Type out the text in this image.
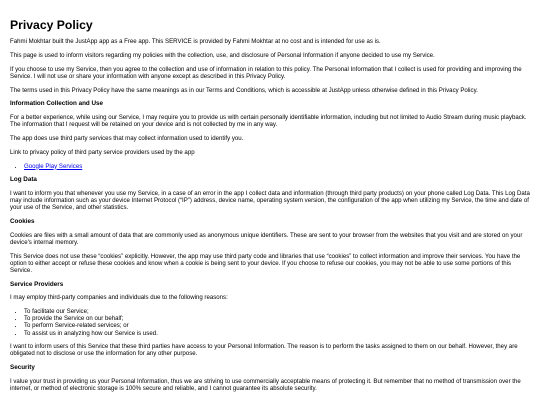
Privacy Policy

Fahmi Mokhtar built the JustApp app as a Free app. This SERVICE is provided by Fahmi Mokhtar at no cost and is intended for use as is.

This page is used to inform visitors regarding my policies with the collection, use, and disclosure of Personal Information if anyone decided to use my Service.

If you choose to use my Service, then you agree to the collection and use of information in relation to this policy. The Personal Information that I collect is used for providing and improving the Service. I will not use or share your information with anyone except as described in this Privacy Policy.

The terms used in this Privacy Policy have the same meanings as in our Terms and Conditions, which is accessible at JustApp unless otherwise defined in this Privacy Policy.

Information Collection and Use

For a better experience, while using our Service, I may require you to provide us with certain personally identifiable information, including but not limited to Audio Stream during music playback. The information that I request will be retained on your device and is not collected by me in any way.

The app does use third party services that may collect information used to identify you.

Link to privacy policy of third party service providers used by the app

• Google Play Services
Log Data

I want to inform you that whenever you use my Service, in a case of an error in the app I collect data and information (through third party products) on your phone called Log Data. This Log Data may include information such as your device Internet Protocol (“IP”) address, device name, operating system version, the configuration of the app when utilizing my Service, the time and date of your use of the Service, and other statistics.

Cookies

Cookies are files with a small amount of data that are commonly used as anonymous unique identifiers. These are sent to your browser from the websites that you visit and are stored on your device's internal memory.

This Service does not use these “cookies” explicitly. However, the app may use third party code and libraries that use “cookies” to collect information and improve their services. You have the option to either accept or refuse these cookies and know when a cookie is being sent to your device. If you choose to refuse our cookies, you may not be able to use some portions of this Service.

Service Providers

I may employ third-party companies and individuals due to the following reasons:

• To facilitate our Service;
• To provide the Service on our behalf;
• To perform Service-related services; or
• To assist us in analyzing how our Service is used.

I want to inform users of this Service that these third parties have access to your Personal Information. The reason is to perform the tasks assigned to them on our behalf. However, they are obligated not to disclose or use the information for any other purpose.

Security

I value your trust in providing us your Personal Information, thus we are striving to use commercially acceptable means of protecting it. But remember that no method of transmission over the internet, or method of electronic storage is 100% secure and reliable, and I cannot guarantee its absolute security.
